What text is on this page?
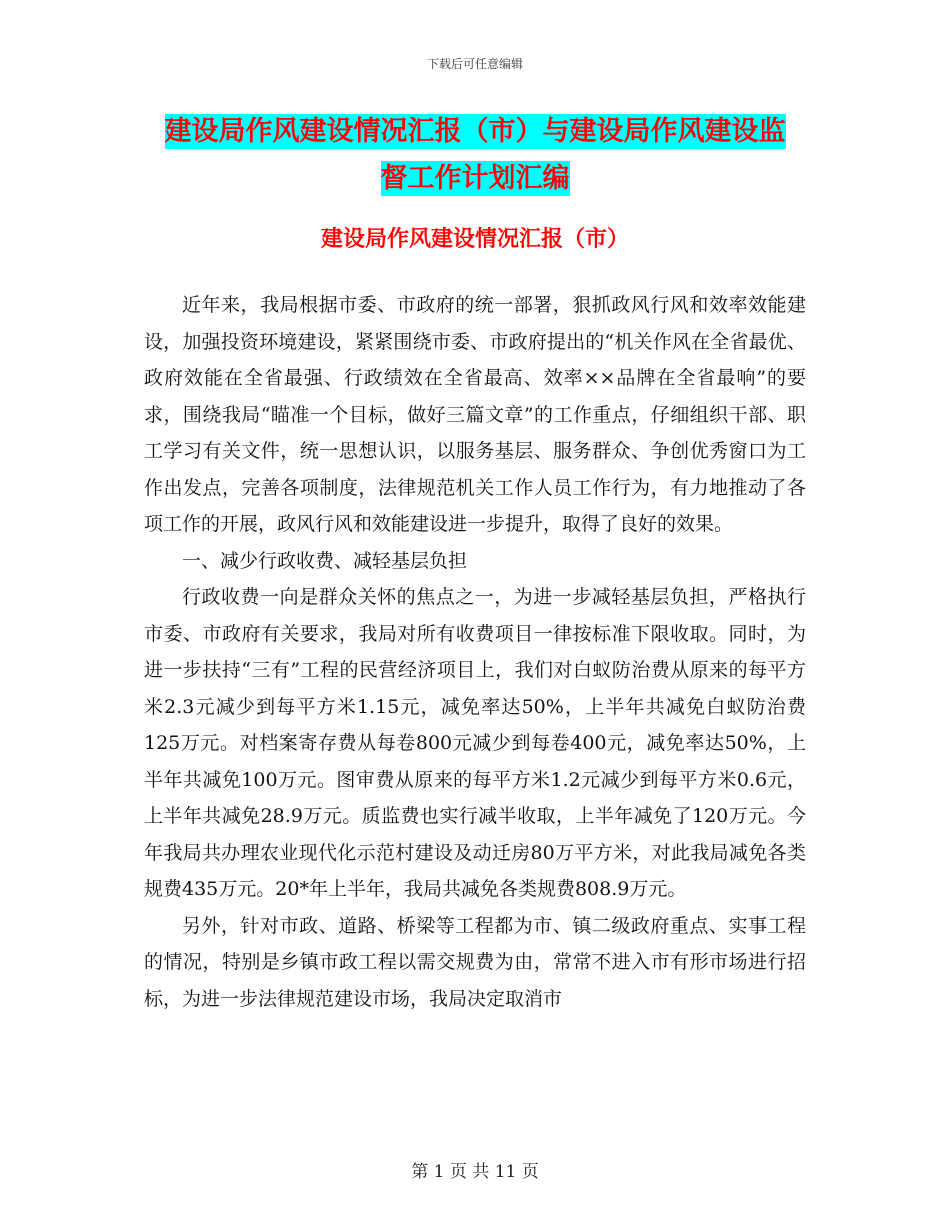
下载后可任意编辑
建设局作风建设情况汇报（市）与建设局作风建设监
督工作计划汇编
建设局作风建设情况汇报（市）

近年来，我局根据市委、市政府的统一部署，狠抓政风行风和效率效能建设，加强投资环境建设，紧紧围绕市委、市政府提出的“机关作风在全省最优、政府效能在全省最强、行政绩效在全省最高、效率××品牌在全省最响”的要求，围绕我局“瞄准一个目标，做好三篇文章”的工作重点，仔细组织干部、职工学习有关文件，统一思想认识，以服务基层、服务群众、争创优秀窗口为工作出发点，完善各项制度，法律规范机关工作人员工作行为，有力地推动了各项工作的开展，政风行风和效能建设进一步提升，取得了良好的效果。

一、减少行政收费、减轻基层负担

行政收费一向是群众关怀的焦点之一，为进一步减轻基层负担，严格执行市委、市政府有关要求，我局对所有收费项目一律按标准下限收取。同时，为进一步扶持“三有”工程的民营经济项目上，我们对白蚁防治费从原来的每平方米2.3元减少到每平方米1.15元，减免率达50%，上半年共减免白蚁防治费125万元。对档案寄存费从每卷800元减少到每卷400元，减免率达50%，上半年共减免100万元。图审费从原来的每平方米1.2元减少到每平方米0.6元，上半年共减免28.9万元。质监费也实行减半收取，上半年减免了120万元。今年我局共办理农业现代化示范村建设及动迁房80万平方米，对此我局减免各类规费435万元。20*年上半年，我局共减免各类规费808.9万元。

另外，针对市政、道路、桥梁等工程都为市、镇二级政府重点、实事工程的情况，特别是乡镇市政工程以需交规费为由，常常不进入市有形市场进行招标，为进一步法律规范建设市场，我局决定取消市

第 1 页 共 11 页
